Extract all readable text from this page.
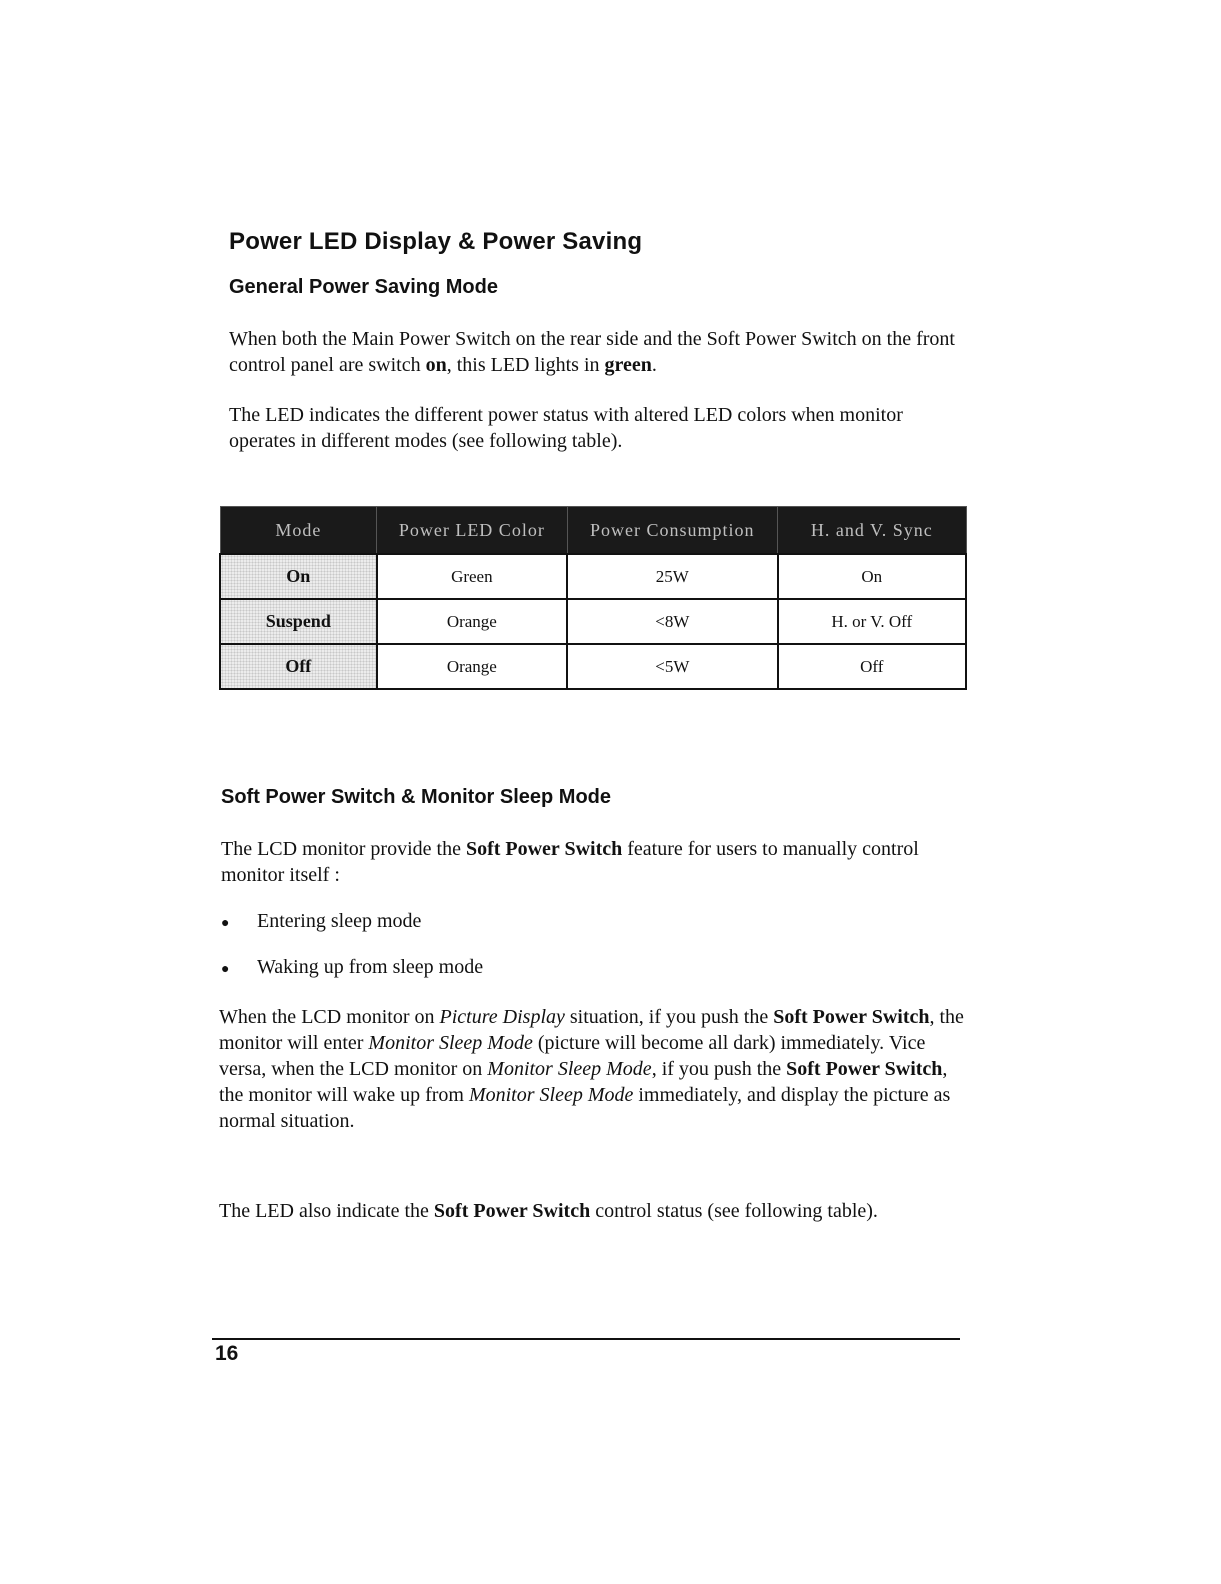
Power LED Display & Power Saving
General Power Saving Mode

When both the Main Power Switch on the rear side and the Soft Power Switch on the front control panel are switch on, this LED lights in green.

The LED indicates the different power status with altered LED colors when monitor operates in different modes (see following table).

Mode	Power LED Color	Power Consumption	H. and V. Sync
On	Green	25W	On
Suspend	Orange	<8W	H. or V. Off
Off	Orange	<5W	Off
Soft Power Switch & Monitor Sleep Mode

The LCD monitor provide the Soft Power Switch feature for users to manually control monitor itself :

●	Entering sleep mode
●	Waking up from sleep mode

When the LCD monitor on Picture Display situation, if you push the Soft Power Switch, the monitor will enter Monitor Sleep Mode (picture will become all dark) immediately. Vice versa, when the LCD monitor on Monitor Sleep Mode, if you push the Soft Power Switch, the monitor will wake up from Monitor Sleep Mode immediately, and display the picture as normal situation.

The LED also indicate the Soft Power Switch control status (see following table).

16
